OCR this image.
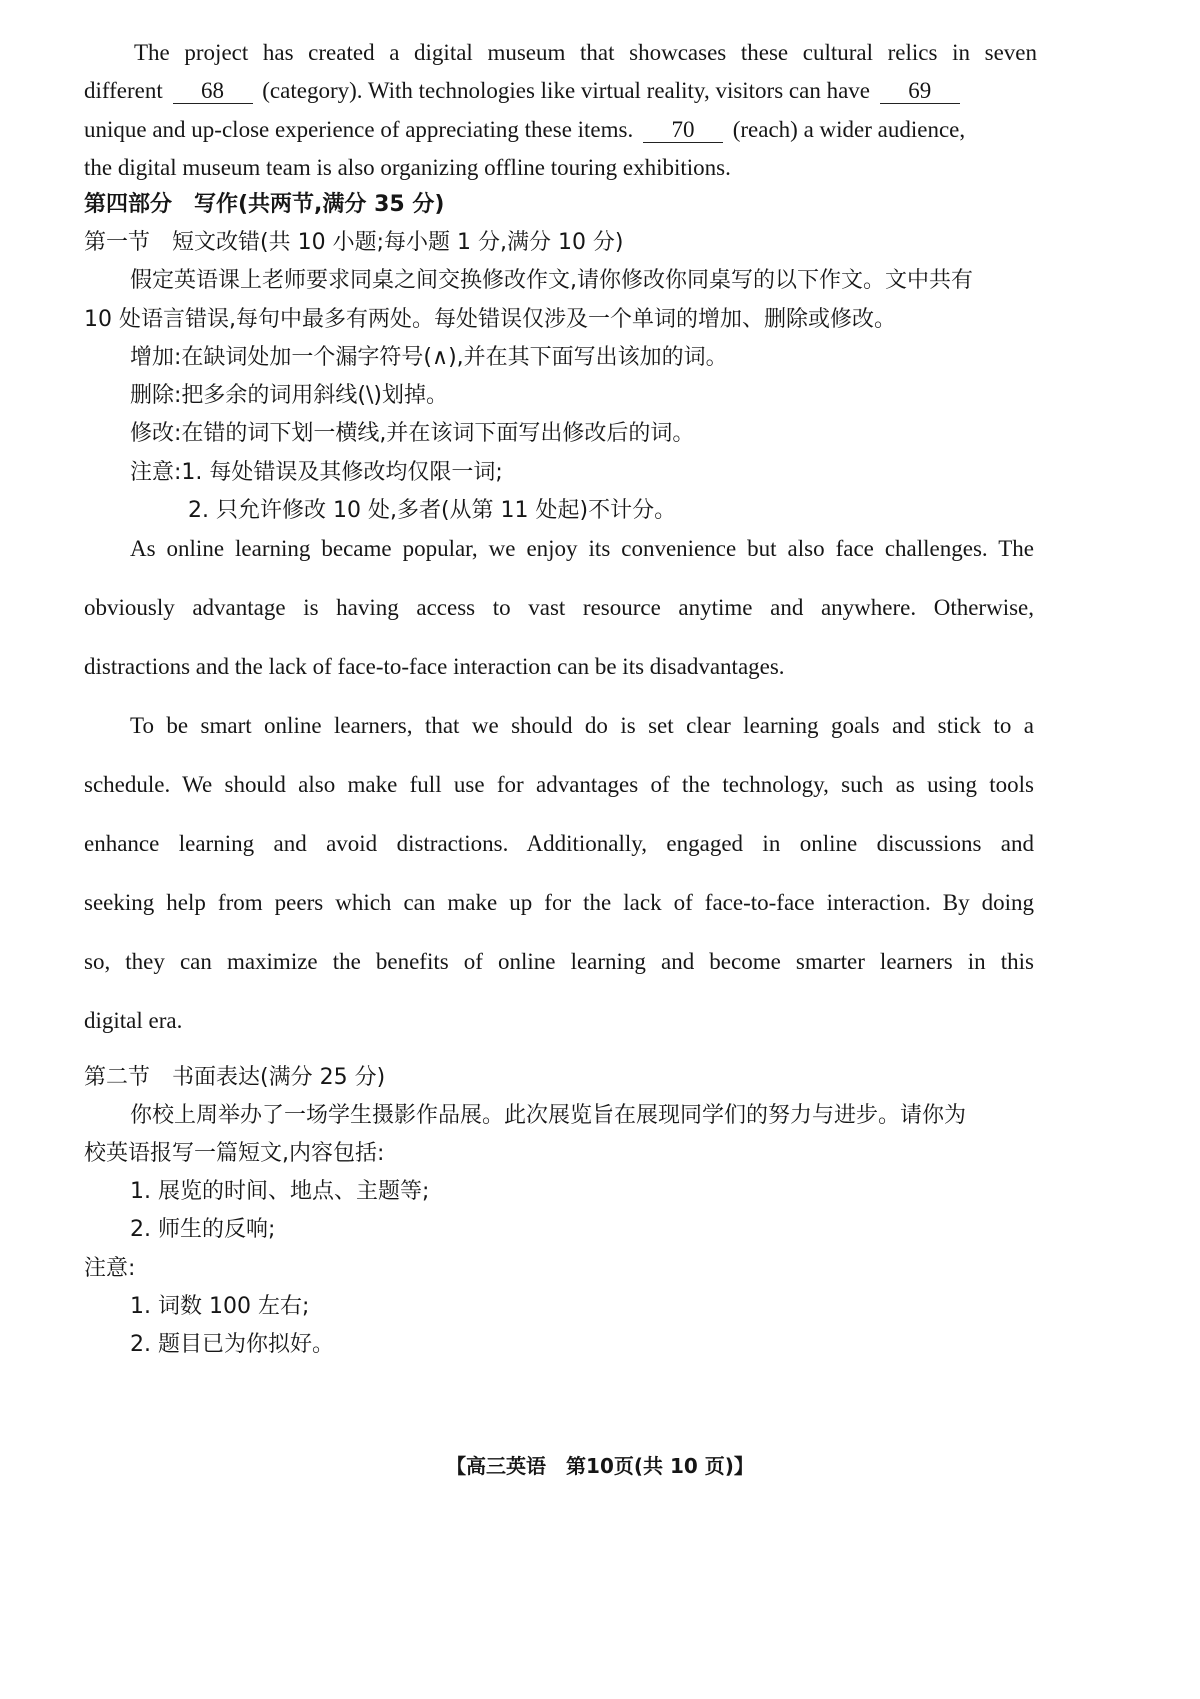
The project has created a digital museum that showcases these cultural relics in seven
different 68 (category). With technologies like virtual reality, visitors can have 69
unique and up-close experience of appreciating these items. 70 (reach) a wider audience,
the digital museum team is also organizing offline touring exhibitions.
第四部分　写作(共两节,满分 35 分)
第一节　短文改错(共 10 小题;每小题 1 分,满分 10 分)
假定英语课上老师要求同桌之间交换修改作文,请你修改你同桌写的以下作文。文中共有
10 处语言错误,每句中最多有两处。每处错误仅涉及一个单词的增加、删除或修改。
增加:在缺词处加一个漏字符号(∧),并在其下面写出该加的词。
删除:把多余的词用斜线(\)划掉。
修改:在错的词下划一横线,并在该词下面写出修改后的词。
注意:1. 每处错误及其修改均仅限一词;
2. 只允许修改 10 处,多者(从第 11 处起)不计分。
As online learning became popular, we enjoy its convenience but also face challenges. The
obviously advantage is having access to vast resource anytime and anywhere. Otherwise,
distractions and the lack of face-to-face interaction can be its disadvantages.
To be smart online learners, that we should do is set clear learning goals and stick to a
schedule. We should also make full use for advantages of the technology, such as using tools
enhance learning and avoid distractions. Additionally, engaged in online discussions and
seeking help from peers which can make up for the lack of face-to-face interaction. By doing
so, they can maximize the benefits of online learning and become smarter learners in this
digital era.
第二节　书面表达(满分 25 分)
你校上周举办了一场学生摄影作品展。此次展览旨在展现同学们的努力与进步。请你为
校英语报写一篇短文,内容包括:
1. 展览的时间、地点、主题等;
2. 师生的反响;
注意:
1. 词数 100 左右;
2. 题目已为你拟好。
【高三英语　第10页(共 10 页)】
